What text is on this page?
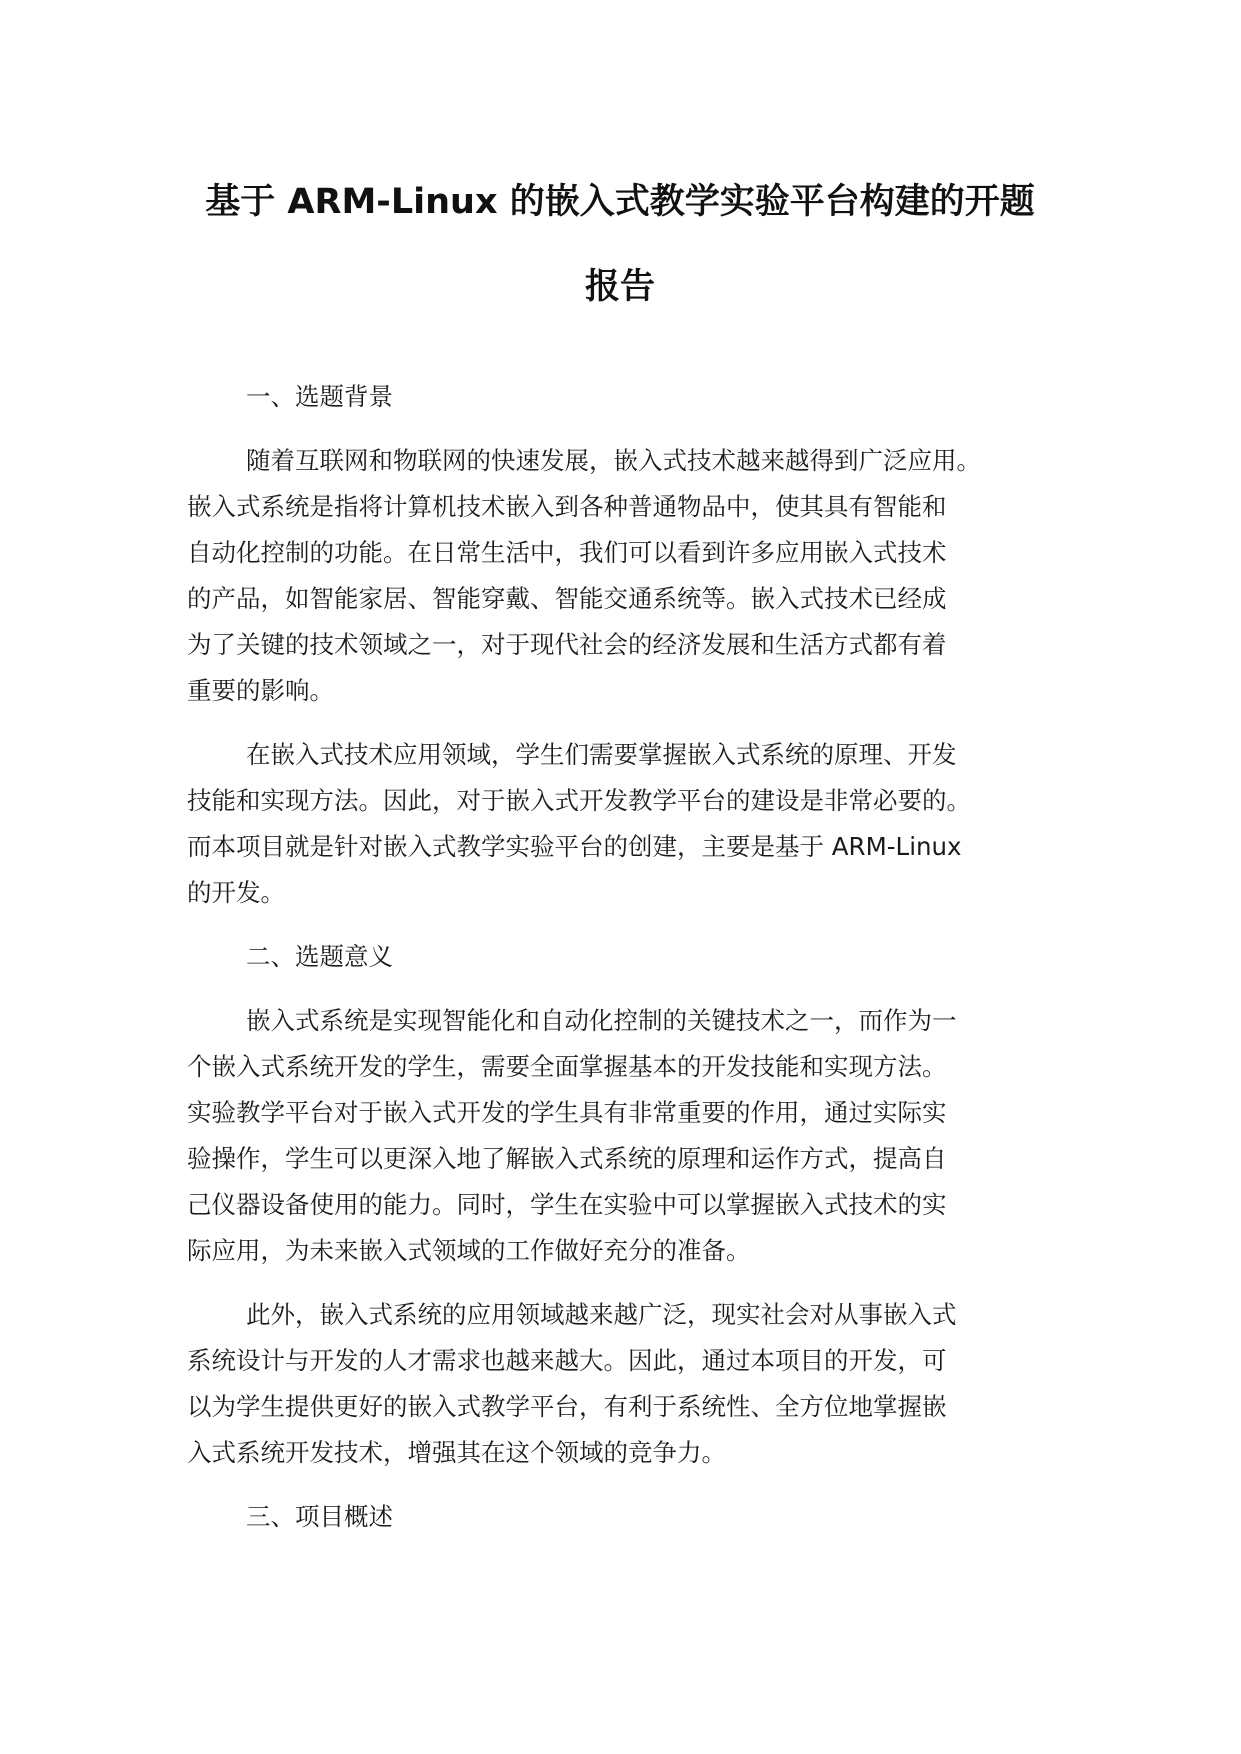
基于 ARM-Linux 的嵌入式教学实验平台构建的开题
报告
一、选题背景
随着互联网和物联网的快速发展，嵌入式技术越来越得到广泛应用。
嵌入式系统是指将计算机技术嵌入到各种普通物品中，使其具有智能和
自动化控制的功能。在日常生活中，我们可以看到许多应用嵌入式技术
的产品，如智能家居、智能穿戴、智能交通系统等。嵌入式技术已经成
为了关键的技术领域之一，对于现代社会的经济发展和生活方式都有着
重要的影响。
在嵌入式技术应用领域，学生们需要掌握嵌入式系统的原理、开发
技能和实现方法。因此，对于嵌入式开发教学平台的建设是非常必要的。
而本项目就是针对嵌入式教学实验平台的创建，主要是基于 ARM-Linux
的开发。
二、选题意义
嵌入式系统是实现智能化和自动化控制的关键技术之一，而作为一
个嵌入式系统开发的学生，需要全面掌握基本的开发技能和实现方法。
实验教学平台对于嵌入式开发的学生具有非常重要的作用，通过实际实
验操作，学生可以更深入地了解嵌入式系统的原理和运作方式，提高自
己仪器设备使用的能力。同时，学生在实验中可以掌握嵌入式技术的实
际应用，为未来嵌入式领域的工作做好充分的准备。
此外，嵌入式系统的应用领域越来越广泛，现实社会对从事嵌入式
系统设计与开发的人才需求也越来越大。因此，通过本项目的开发，可
以为学生提供更好的嵌入式教学平台，有利于系统性、全方位地掌握嵌
入式系统开发技术，增强其在这个领域的竞争力。
三、项目概述
